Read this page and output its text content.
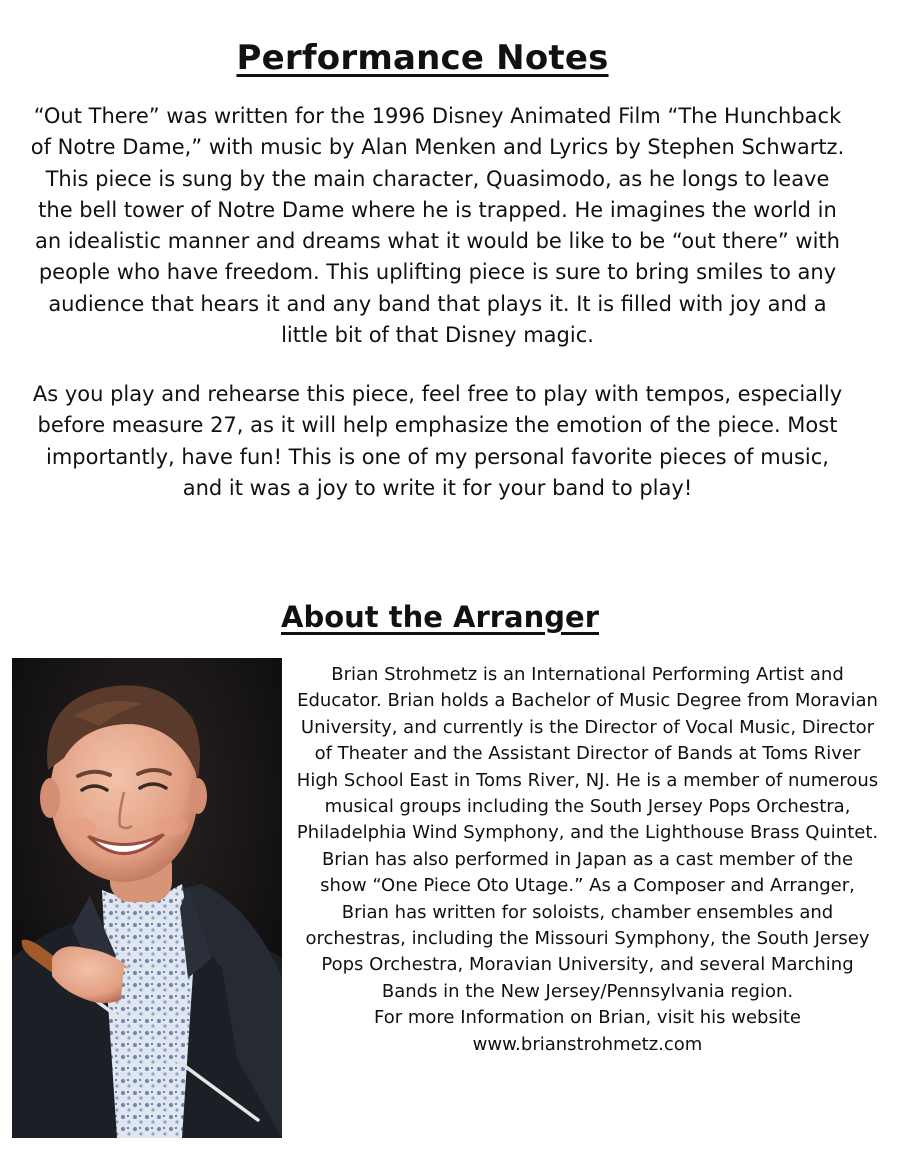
Performance Notes

“Out There” was written for the 1996 Disney Animated Film “The Hunchback of Notre Dame,” with music by Alan Menken and Lyrics by Stephen Schwartz. This piece is sung by the main character, Quasimodo, as he longs to leave the bell tower of Notre Dame where he is trapped. He imagines the world in an idealistic manner and dreams what it would be like to be “out there” with people who have freedom. This uplifting piece is sure to bring smiles to any audience that hears it and any band that plays it. It is filled with joy and a little bit of that Disney magic.

As you play and rehearse this piece, feel free to play with tempos, especially before measure 27, as it will help emphasize the emotion of the piece. Most importantly, have fun! This is one of my personal favorite pieces of music, and it was a joy to write it for your band to play!

About the Arranger

Brian Strohmetz is an International Performing Artist and Educator. Brian holds a Bachelor of Music Degree from Moravian University, and currently is the Director of Vocal Music, Director of Theater and the Assistant Director of Bands at Toms River High School East in Toms River, NJ. He is a member of numerous musical groups including the South Jersey Pops Orchestra, Philadelphia Wind Symphony, and the Lighthouse Brass Quintet. Brian has also performed in Japan as a cast member of the show “One Piece Oto Utage.” As a Composer and Arranger, Brian has written for soloists, chamber ensembles and orchestras, including the Missouri Symphony, the South Jersey Pops Orchestra, Moravian University, and several Marching Bands in the New Jersey/Pennsylvania region.
For more Information on Brian, visit his website
www.brianstrohmetz.com
